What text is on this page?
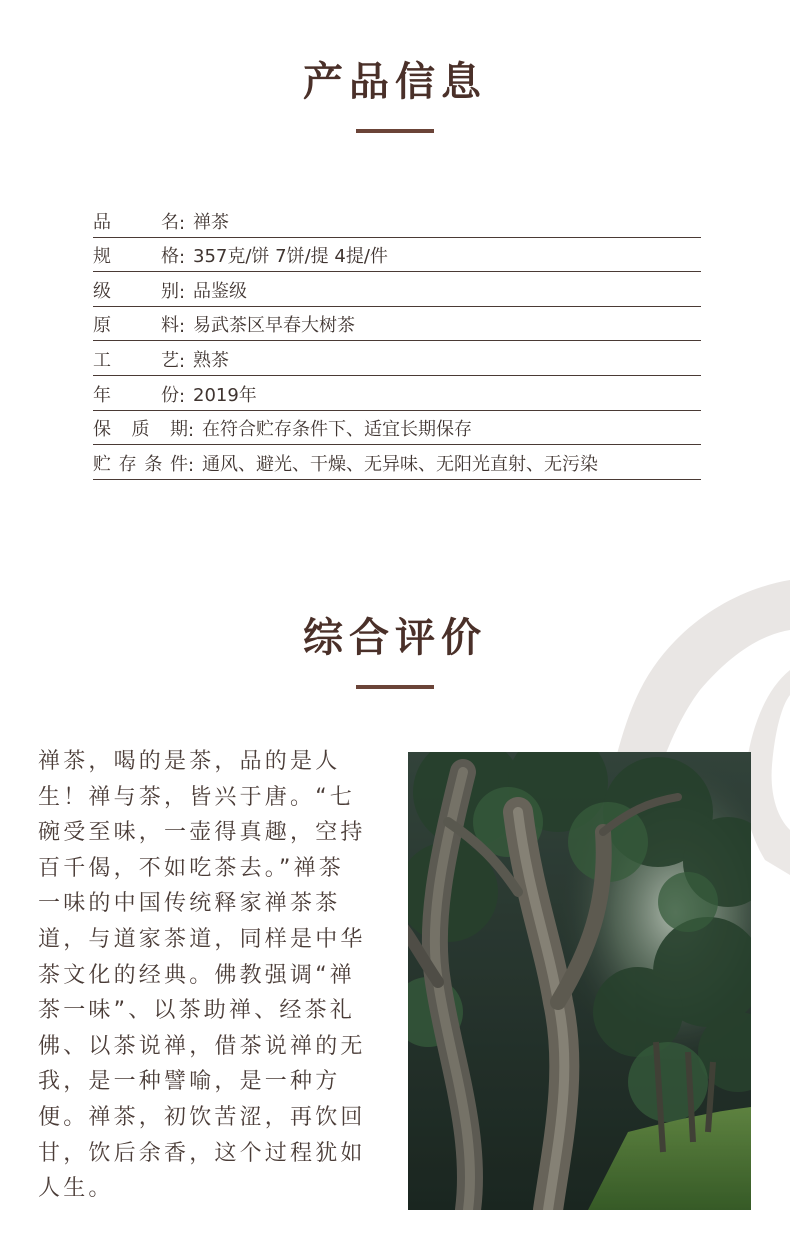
产品信息
品	名 : 禅茶
规	格 : 357克/饼 7饼/提 4提/件
级	别 : 品鉴级
原	料 : 易武茶区早春大树茶
工	艺 : 熟茶
年	份 : 2019年
保 质 期 : 在符合贮存条件下、适宜长期保存
贮 存 条 件 : 通风、避光、干燥、无异味、无阳光直射、无污染
综合评价
禅茶，喝的是茶，品的是人
生！禅与茶，皆兴于唐。“七
碗受至味，一壶得真趣，空持
百千偈，不如吃茶去。”禅茶
一味的中国传统释家禅茶茶
道，与道家茶道，同样是中华
茶文化的经典。佛教强调“禅
茶一味”、以茶助禅、经茶礼
佛、以茶说禅，借茶说禅的无
我，是一种譬喻，是一种方
便。禅茶，初饮苦涩，再饮回
甘，饮后余香，这个过程犹如
人生。
